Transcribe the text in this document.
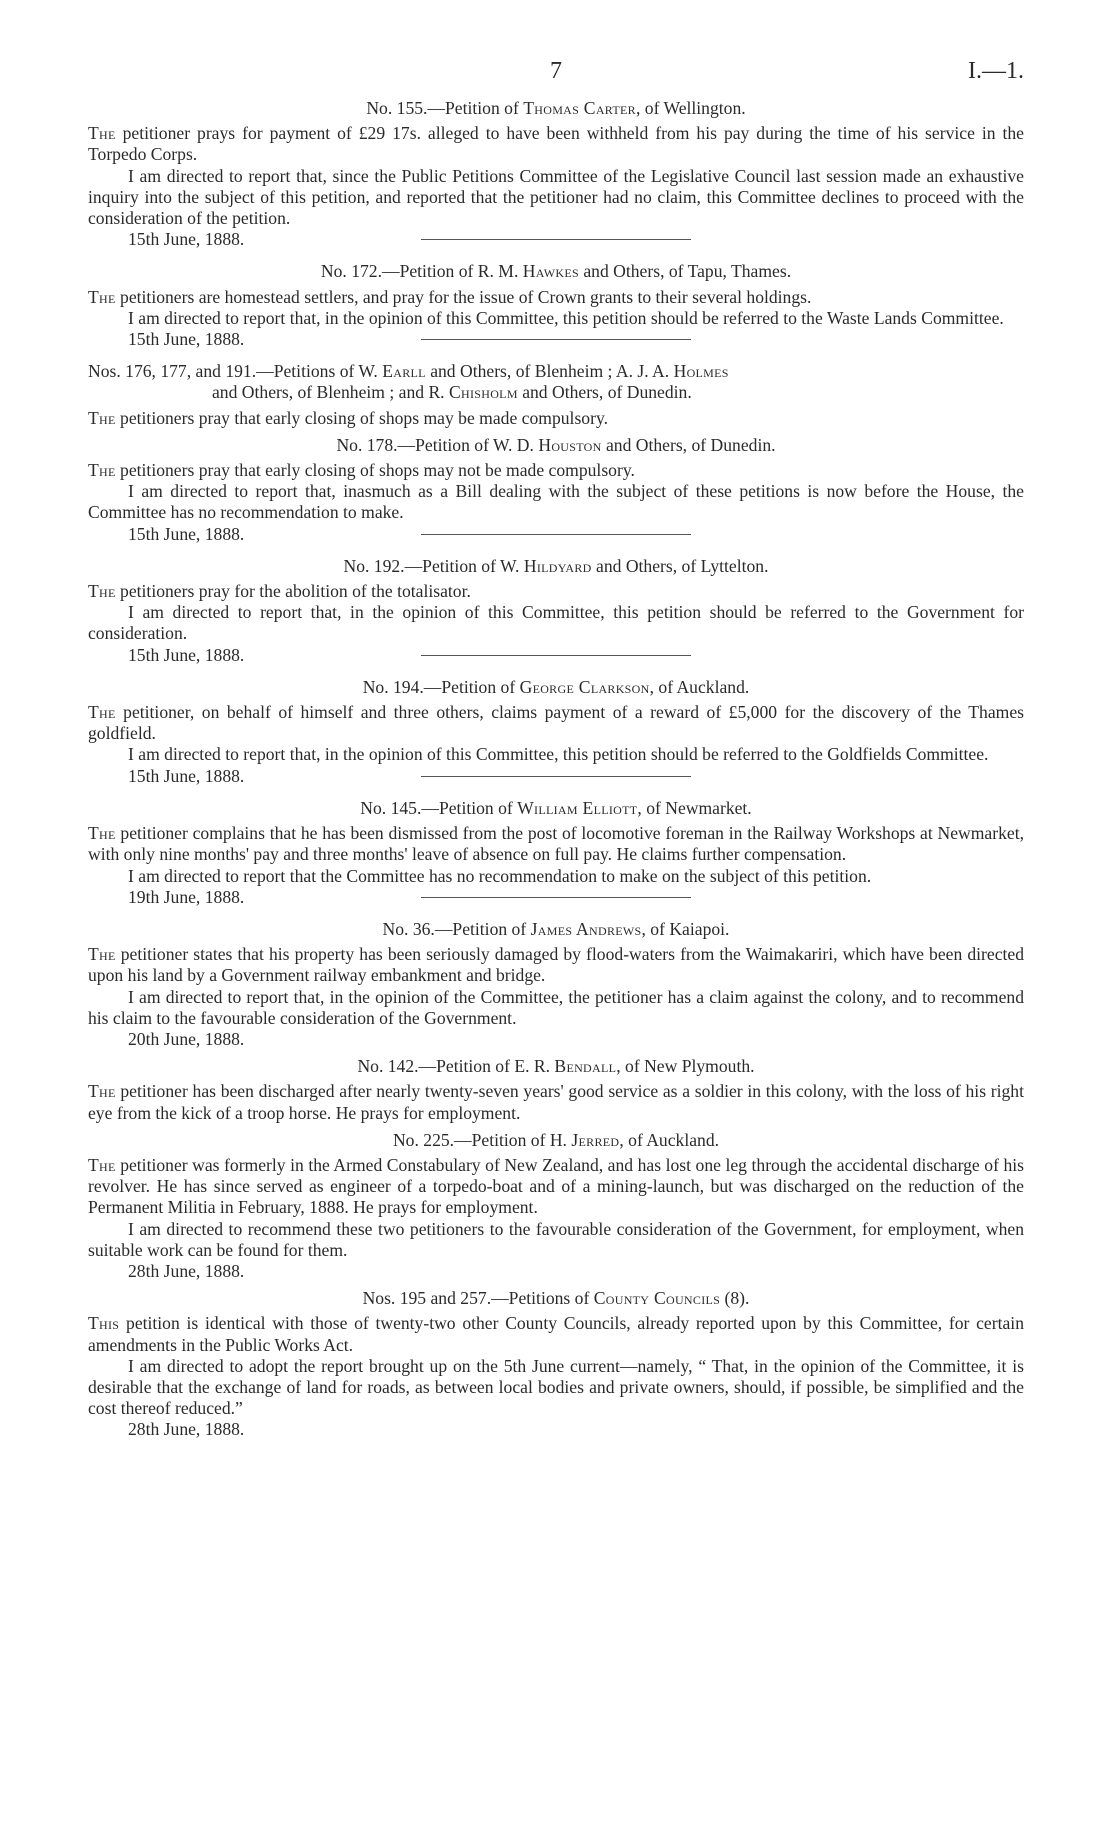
7	I.—1.
No. 155.—Petition of Thomas Carter, of Wellington.

The petitioner prays for payment of £29 17s. alleged to have been withheld from his pay during the time of his service in the Torpedo Corps.

I am directed to report that, since the Public Petitions Committee of the Legislative Council last session made an exhaustive inquiry into the subject of this petition, and reported that the petitioner had no claim, this Committee declines to proceed with the consideration of the petition.

15th June, 1888.
No. 172.—Petition of R. M. Hawkes and Others, of Tapu, Thames.

The petitioners are homestead settlers, and pray for the issue of Crown grants to their several holdings.

I am directed to report that, in the opinion of this Committee, this petition should be referred to the Waste Lands Committee.

15th June, 1888.
Nos. 176, 177, and 191.—Petitions of W. Earll and Others, of Blenheim ; A. J. A. Holmes
and Others, of Blenheim ; and R. Chisholm and Others, of Dunedin.

The petitioners pray that early closing of shops may be made compulsory.

No. 178.—Petition of W. D. Houston and Others, of Dunedin.

The petitioners pray that early closing of shops may not be made compulsory.

I am directed to report that, inasmuch as a Bill dealing with the subject of these petitions is now before the House, the Committee has no recommendation to make.

15th June, 1888.
No. 192.—Petition of W. Hildyard and Others, of Lyttelton.

The petitioners pray for the abolition of the totalisator.

I am directed to report that, in the opinion of this Committee, this petition should be referred to the Government for consideration.

15th June, 1888.
No. 194.—Petition of George Clarkson, of Auckland.

The petitioner, on behalf of himself and three others, claims payment of a reward of £5,000 for the discovery of the Thames goldfield.

I am directed to report that, in the opinion of this Committee, this petition should be referred to the Goldfields Committee.

15th June, 1888.
No. 145.—Petition of William Elliott, of Newmarket.

The petitioner complains that he has been dismissed from the post of locomotive foreman in the Railway Workshops at Newmarket, with only nine months' pay and three months' leave of absence on full pay. He claims further compensation.

I am directed to report that the Committee has no recommendation to make on the subject of this petition.

19th June, 1888.
No. 36.—Petition of James Andrews, of Kaiapoi.

The petitioner states that his property has been seriously damaged by flood-waters from the Waimakariri, which have been directed upon his land by a Government railway embankment and bridge.

I am directed to report that, in the opinion of the Committee, the petitioner has a claim against the colony, and to recommend his claim to the favourable consideration of the Government.

20th June, 1888.
No. 142.—Petition of E. R. Bendall, of New Plymouth.

The petitioner has been discharged after nearly twenty-seven years' good service as a soldier in this colony, with the loss of his right eye from the kick of a troop horse. He prays for employment.

No. 225.—Petition of H. Jerred, of Auckland.

The petitioner was formerly in the Armed Constabulary of New Zealand, and has lost one leg through the accidental discharge of his revolver. He has since served as engineer of a torpedo-boat and of a mining-launch, but was discharged on the reduction of the Permanent Militia in February, 1888. He prays for employment.

I am directed to recommend these two petitioners to the favourable consideration of the Government, for employment, when suitable work can be found for them.

28th June, 1888.
Nos. 195 and 257.—Petitions of County Councils (8).

This petition is identical with those of twenty-two other County Councils, already reported upon by this Committee, for certain amendments in the Public Works Act.

I am directed to adopt the report brought up on the 5th June current—namely, “ That, in the opinion of the Committee, it is desirable that the exchange of land for roads, as between local bodies and private owners, should, if possible, be simplified and the cost thereof reduced.”

28th June, 1888.
